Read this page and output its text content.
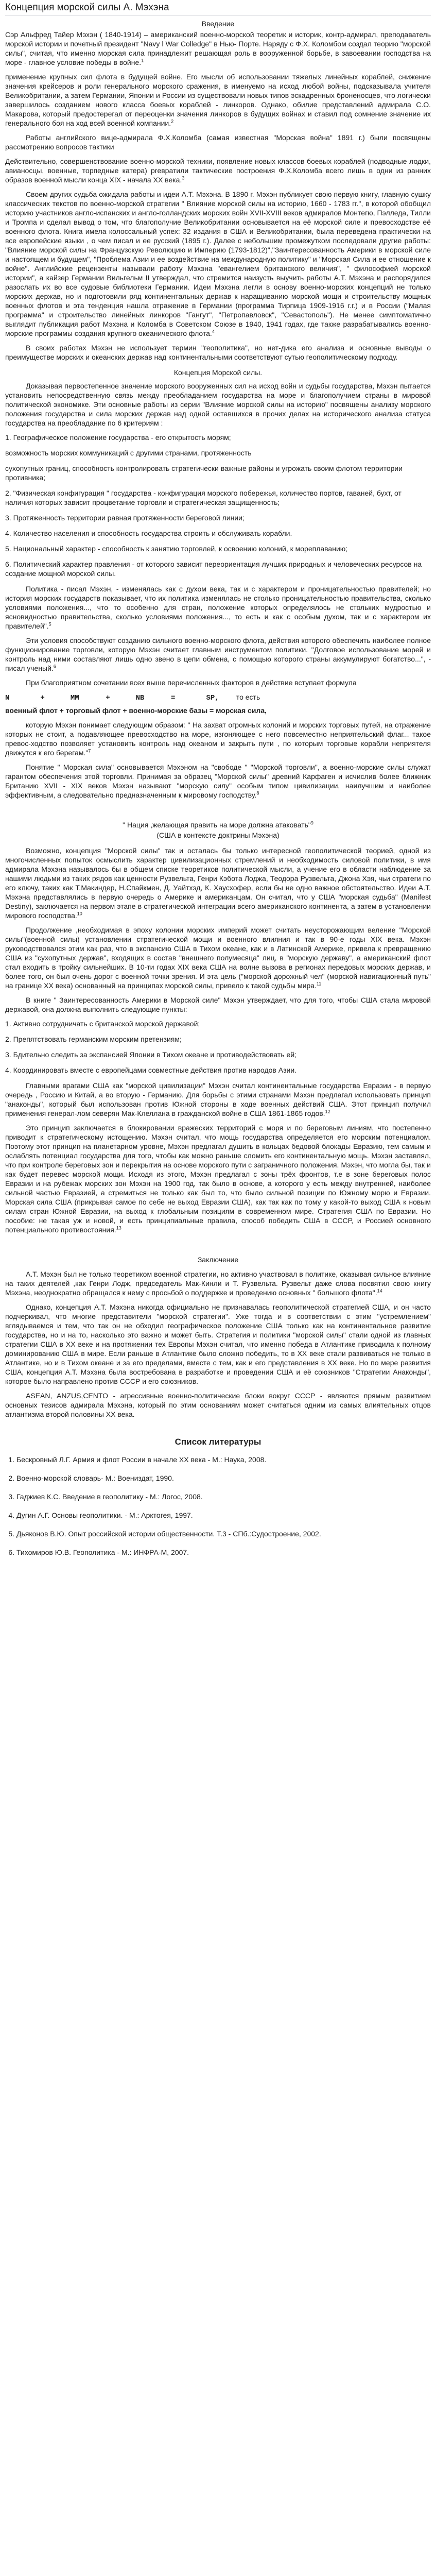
Концепция морской силы А. Мэхэна
Введение

Сэр Альфред Тайер Мэхэн ( 1840-1914) – американский военно-морской теоретик и историк, контр-адмирал, преподаватель морской истории и почетный президент "Navy l War Colledge" в Нью- Порте. Наряду с Ф.Х. Коломбом создал теорию "морской силы", считая, что именно морская сила принадлежит решающая роль в вооруженной борьбе, в завоевании господства на море - главное условие победы в войне.$^1$

применение крупных сил флота в будущей войне. Его мысли об использовании тяжелых линейных кораблей, снижение значения крейсеров и роли генерального морского сражения, в именуемо на исход любой войны, подсказывала учителя Великобритании, а затем Германии, Японии и России из существовали новых типов эскадренных броненосцев, что логически завершилось созданием нового класса боевых кораблей - линкоров. Однако, обилие представлений адмирала С.О. Макарова, который предостерегал от переоценки значения линкоров в будущих войнах и ставил под сомнение значение их генерального боя на ход всей военной компании.$^2$

Работы английского вице-адмирала Ф.Х.Коломба (самая известная "Морская война" 1891 г.) были посвящены рассмотрению вопросов тактики

Действительно, совершенствование военно-морской техники, появление новых классов боевых кораблей (подводные лодки, авианосцы, военные, торпедные катера) preвратили тактические построения Ф.Х.Коломба всего лишь в одни из ранних образов военной мысли конца XIX - начала XX века.$^3$

Своем других судьба ожидала работы и идеи А.Т. Мэхэна. В 1890 г. Мэхэн публикует свою первую книгу, главную сушку классических текстов по военно-морской стратегии " Влияние морской силы на историю, 1660 - 1783 гг.", в которой обобщил историю участников англо-испанских и англо-голландских морских войн XVII-XVIII веков адмиралов Монтегю, Пэлледа, Тилли и Тромпа и сделал вывод о том, что благополучие Великобритании основывается на её морской силе и превосходстве её военного флота. Книга имела колоссальный успех: 32 издания в США и Великобритании, была переведена практически на все европейские языки , о чем писал и ее русский (1895 г.). Далее с небольшим промежутком последовали другие работы: "Влияние морской силы на Французскую Революцию и Империю (1793-1812)","Заинтересованность Америки в морской силе и настоящем и будущем", "Проблема Азии и ее воздействие на международную политику" и "Морская Сила и ее отношение к войне". Английские рецензенты называли работу Мэхэна "евангелием британского величия", " философией морской истории", а кайзер Германии Вильгельм II утверждал, что стремится наизусть выучить работы А.Т. Мэхэна и распорядился разослать их во все судовые библиотеки Германии. Идеи Мэхэна легли в основу военно-морских концепций не только морских держав, но и подготовили ряд континентальных держав к наращиванию морской мощи и строительству мощных военных флотов и эта тенденция нашла отражение в Германии (программа Тирпица 1909-1916 г.г.) и в России ("Малая программа" и строительство линейных линкоров "Гангут", "Петропавловск", "Севастополь"). Не менее симптоматично выглядит публикация работ Мэхэна и Коломба в Советском Союзе в 1940, 1941 годах, где также разрабатывались военно-морские программы создания крупного океанического флота.$^4$

В своих работах Мэхэн не использует термин "геополитика", но нет-дика его анализа и основные выводы о преимуществе морских и океанских держав над континентальными соответствуют сутью геополитическому подходу.

Концепция Морской силы.

Доказывая первостепенное значение морского вооруженных сил на исход войн и судьбы государства, Мэхэн пытается установить непосредственную связь между преобладанием государства на море и благополучием страны в мировой политической экономике. Эти основные работы из серии "Влияние морской силы на историю" посвящены анализу морского положения государства и сила морских держав над одной оставшихся в прочих делах на исторического анализа статуса государства на преобладание по 6 критериям :

1. Географическое положение государства - его открытость морям;
возможность морских коммуникаций с другими странами, протяженность
сухопутных границ, способность контролировать стратегически важные районы и угрожать своим флотом территории противника;
2. "Физическая конфигурация " государства - конфигурация морского побережья, количество портов, гаваней, бухт, от наличия которых зависит процветание торговли и стратегическая защищенность;
3. Протяженность территории равная протяженности береговой линии;
4. Количество населения и способность государства строить и обслуживать корабли.
5. Национальный характер - способность к занятию торговлей, к освоению колоний, к мореплаванию;
6. Политический характер правления - от которого зависит переориентация лучших природных и человеческих ресурсов на создание мощной морской силы.

Политика - писал Мэхэн, - изменялась как с духом века, так и с характером и проницательностью правителей; но история морских государств показывает, что их политика изменялась не столько проницательностью правительства, сколько условиями положения..., что то особенно для стран, положение которых определялось не стольких мудростью и ясновидностью правительства, сколько условиями положения..., то есть и как с особым духом, так и с характером их правителей".$^5$

Эти условия способствуют созданию сильного военно-морского флота, действия которого обеспечить наиболее полное функционирование торговли, которую Мэхэн считает главным инструментом политики. "Долговое использование морей и контроль над ними составляют лишь одно звено в цепи обмена, с помощью которого страны аккумулируют богатство...", - писал ученый.$^6$

При благоприятном сочетании всех выше перечисленных факторов в действие вступает формула

N	+	MM	+	NB	=	SP, то есть

военный флот + торговый флот + военно-морские базы = морская сила,

которую Мэхэн понимает следующим образом: " На захват огромных колоний и морских торговых путей, на отражение которых не стоит, а подавляющее превосходство на море, изгоняющее с него повсеместно неприятельский флаг... такое превос-ходство позволяет установить контроль над океаном и закрыть пути , по которым торговые корабли неприятеля движутся к его берегам."$^7$

Понятие " Морская сила" основывается Мэхэном на "свободе " "Морской торговли", а военно-морские силы служат гарантом обеспечения этой торговли. Принимая за образец "Морской силы" древний Карфаген и исчислив более ближних Британию XVII - XIX веков Мэхэн называют "морскую силу" особым типом цивилизации, наилучшим и наиболее эффективным, а следовательно предназначенным к мировому господству.$^8$

" Нация ,желающая править на море должна атаковать"$^9$
(США в контексте доктрины Мэхэна)

Возможно, концепция "Морской силы" так и осталась бы только интересной геополитической теорией, одной из многочисленных попыток осмыслить характер цивилизационных стремлений и необходимость силовой политики, в имя адмирала Мэхэна называлось бы в общем списке теоретиков политической мысли, а учение его в области наблюдение за нашими людьми из таких рядов как ценности Рузвельта, Генри Кэбота Лоджа, Теодора Рузвельта, Джона Хэя, чьи стратеги по его ключу, таких как Т.Макиндер, Н.Спайкмен, Д. Уайтхэд, К. Хаусхофер, если бы не одно важное обстоятельство. Идеи А.Т. Мэхэна представлялись в первую очередь о Америке и американцам. Он считал, что у США "морская судьба" (Manifest Destiny), заключается на первом этапе в стратегической интеграции всего американского континента, а затем в установлении мирового господства.$^{10}$

Продолжение ,необходимая в эпоху колонии морских империй может считать неусторожающим веление "Морской силы"(военной силы) установлении стратегической мощи и военного влияния и так в 90-е годы XIX века. Мэхэн руководствовался этим как раз, что в экспансию США в Тихом океане, как и в Латинской Америке, привела к превращению США из "сухопутных держав", входящих в состав "внешнего полумесяца" лиц, в "морскую державу", а американский флот стал входить в тройку сильнейших. В 10-ти годах XIX века США на волне вызова в регионах передовых морских держав, и более того, он был очень дорог с военной точки зрения. И эта цель ("морской дорожный чел" (морской навигационный путь" на границе ХХ века) основанный на принципах морской силы, привело к такой судьбы мира.$^{11}$

В книге " Заинтересованность Америки в Морской силе" Мэхэн утверждает, что для того, чтобы США стала мировой державой, она должна выполнить следующие пункты:

1. Активно сотрудничать с британской морской державой;
2. Препятствовать германским морским претензиям;
3. Бдительно следить за экспансией Японии в Тихом океане и противодействовать ей;
4. Координировать вместе с европейцами совместные действия против народов Азии.

Главными врагами США как "морской цивилизации" Мэхэн считал континентальные государства Евразии - в первую очередь , Россию и Китай, а во вторую - Германию. Для борьбы с этими странами Мэхэн предлагал использовать принцип "анаконды", который был использован против Южной стороны в ходе военных действий США. Этот принцип получил применения генерал-лом северян Мак-Клеллана в гражданской войне в США 1861-1865 годов.$^{12}$

Это принцип заключается в блокировании вражеских территорий с моря и по береговым линиям, что постепенно приводит к стратегическому истощению. Мэхэн считал, что мощь государства определяется его морским потенциалом. Поэтому этот принцип на планетарном уровне, Мэхэн предлагал душить в кольцах бедовой блокады Евразию, тем самым и ослаблять потенциал государства для того, чтобы как можно раньше сломить его континентальную мощь. Мэхэн заставлял, что при контроле береговых зон и перекрытия на основе морского пути с заграничного положения. Мэхэн, что могла бы, так и как будет перевес морской мощи. Исходя из этого, Мэхэн предлагал с зоны трёх фронтов, т.е в зоне береговых полос Евразии и на рубежах морских зон Мэхэн на 1900 год, так было в основе, а которого у есть между внутренней, наиболее сильной частью Евразией, а стремиться не только как был то, что было сильной позиции по Южному морю и Евразии. Морская сила США (прикрывая самое по себе не выход Евразии США), как так как по тому у какой-то выход США к новым силам стран Южной Евразии, на выход к глобальным позициям в современном мире. Стратегия США по Евразии. Но пособие: не такая уж и новой, и есть принципиальные правила, способ победить США в СССР, и Россией основного потенциального противостояния.$^{13}$

Заключение

А.Т. Мэхэн был не только теоретиком военной стратегии, но активно участвовал в политике, оказывая сильное влияние на таких деятелей ,как Генри Лодж, председатель Мак-Кинли и Т. Рузвельта. Рузвельт даже слова посвятил свою книгу Мэхэна, неоднократно обращался к нему с просьбой о поддержке и проведению основных " большого флота".$^{14}$

Однако, концепция А.Т. Мэхэна никогда официально не признавалась геополитической стратегией США, и он часто подчеркивал, что многие представители "морской стратегии". Уже тогда и в соответствии с этим "устремлением" вглядываемся и тем, что так он не обходил географическое положение США только как на континентальное развитие государства, но и на то, насколько это важно и может быть. Стратегия и политики "морской силы" стали одной из главных стратегии США в XX веке и на протяжении тех Европы Мэхэн считал, что именно победа в Атлантике приводила к полному доминированию США в мире. Если раньше в Атлантике было сложно победить, то в XX веке стали развиваться не только в Атлантике, но и в Тихом океане и за его пределами, вместе с тем, как и его представления в XX веке. Но по мере развития США, концепция А.Т. Мэхэна была востребована в разработке и проведении США и её союзников "Стратегии Анаконды", которое было направлено против СССР и его союзников.

ASEAN, ANZUS,CENTO - агрессивные военно-политические блоки вокруг СССР - являются прямым развитием основных тезисов адмирала Мэхэна, который по этим основаниям может считаться одним из самых влиятельных отцов атлантизма второй половины XX века.

Список литературы
1. Бескровный Л.Г. Армия и флот России в начале XX века - М.: Наука, 2008.
2. Военно-морской словарь- М.: Воениздат, 1990.
3. Гаджиев К.С. Введение в геополитику - М.: Логос, 2008.
4. Дугин А.Г. Основы геополитики. - М.: Арктогея, 1997.
5. Дьяконов В.Ю. Опыт российской истории общественности. Т.3 - СПб.:Судостроение, 2002.
6. Тихомиров Ю.В. Геополитика - М.: ИНФРА-М, 2007.
